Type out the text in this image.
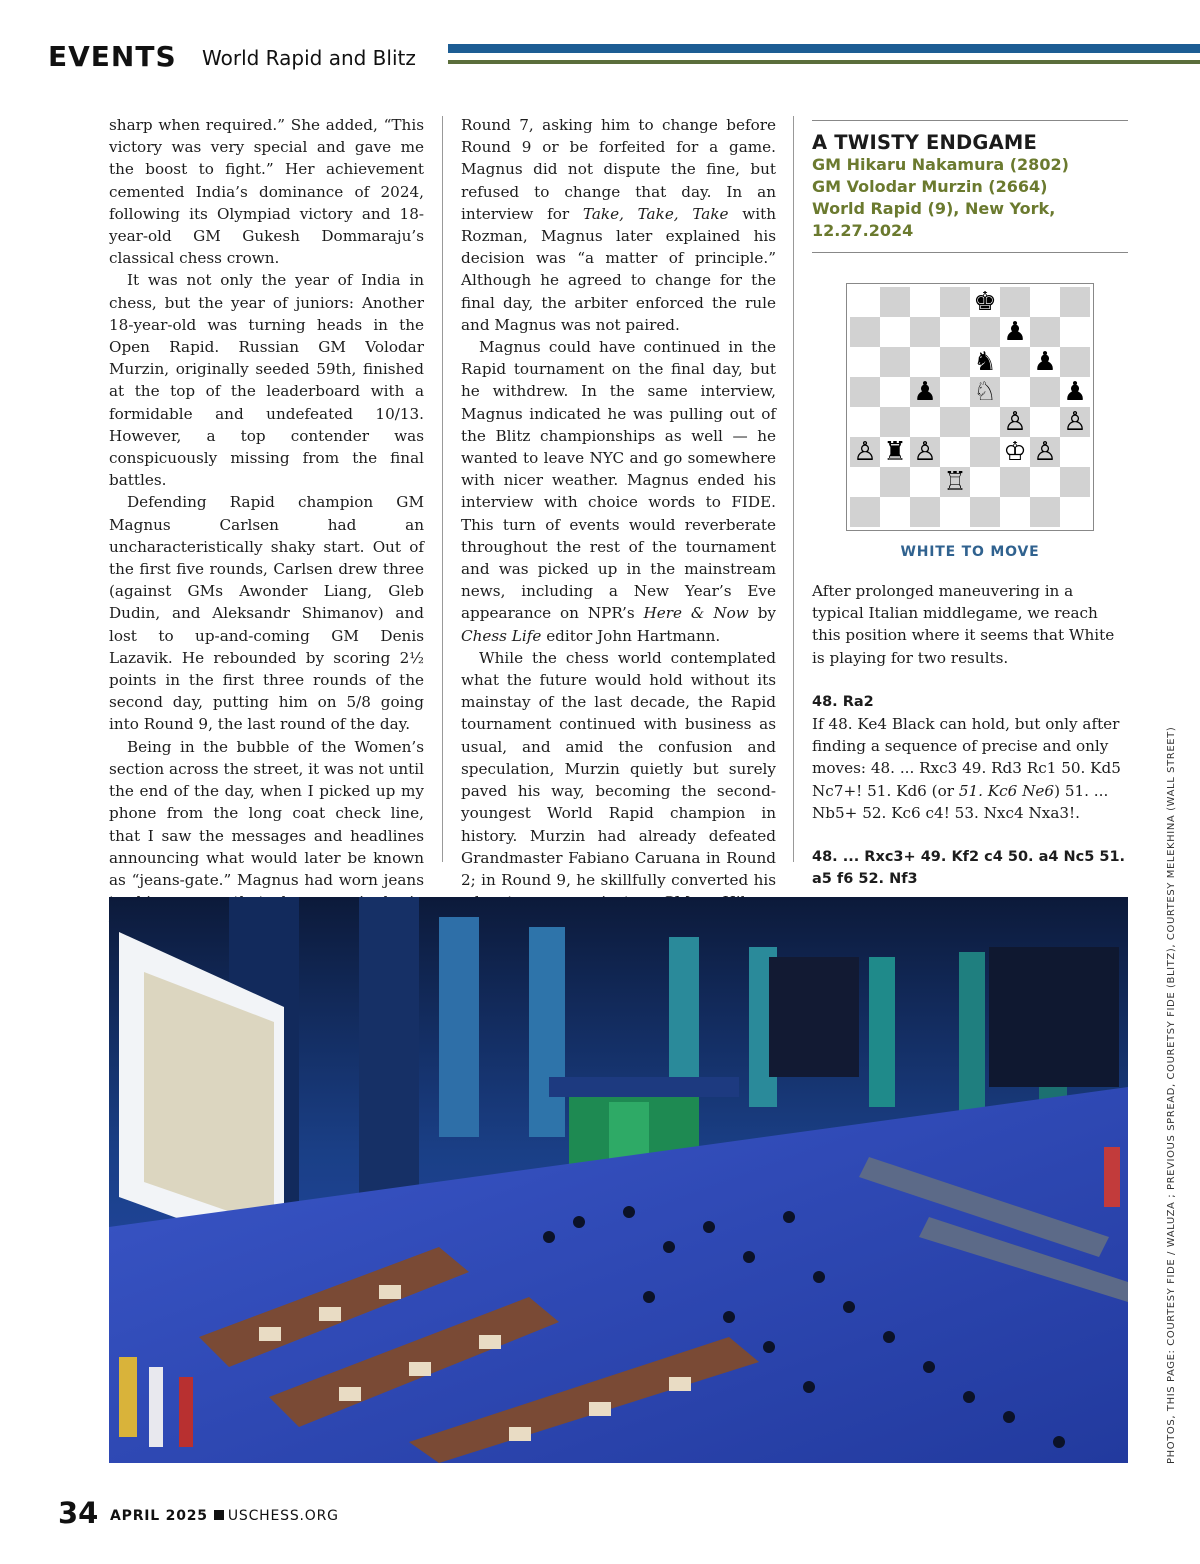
EVENTS World Rapid and Blitz

sharp when required.” She added, “This victory was very special and gave me the boost to fight.” Her achievement cemented India’s dominance of 2024, following its Olympiad victory and 18-year-old GM Gukesh Dommaraju’s classical chess crown.

It was not only the year of India in chess, but the year of juniors: Another 18-year-old was turning heads in the Open Rapid. Russian GM Volodar Murzin, originally seeded 59th, finished at the top of the leaderboard with a formidable and undefeated 10/13. However, a top contender was conspicuously missing from the final battles.

Defending Rapid champion GM Magnus Carlsen had an uncharacteristically shaky start. Out of the first five rounds, Carlsen drew three (against GMs Awonder Liang, Gleb Dudin, and Aleksandr Shimanov) and lost to up-and-coming GM Denis Lazavik. He rebounded by scoring 2½ points in the first three rounds of the second day, putting him on 5/8 going into Round 9, the last round of the day.

Being in the bubble of the Women’s section across the street, it was not until the end of the day, when I picked up my phone from the long coat check line, that I saw the messages and headlines announcing what would later be known as “jeans-gate.” Magnus had worn jeans

Round 7, asking him to change before Round 9 or be forfeited for a game. Magnus did not dispute the fine, but refused to change that day. In an interview for Take, Take, Take with Rozman, Magnus later explained his decision was “a matter of principle.” Although he agreed to change for the final day, the arbiter enforced the rule and Magnus was not paired.

Magnus could have continued in the Rapid tournament on the final day, but he withdrew. In the same interview, Magnus indicated he was pulling out of the Blitz championships as well — he wanted to leave NYC and go somewhere with nicer weather. Magnus ended his interview with choice words to FIDE. This turn of events would reverberate throughout the rest of the tournament and was picked up in the mainstream news, including a New Year’s Eve appearance on NPR’s Here & Now by Chess Life editor John Hartmann.

While the chess world contemplated what the future would hold without its mainstay of the last decade, the Rapid tournament continued with business as usual, and amid the confusion and speculation, Murzin quietly but surely paved his way, becoming the second-youngest World Rapid champion in history. Murzin had already defeated Grandmaster Fabiano Caruana in Round 2; in Round 9, he skillfully converted his

A TWISTY ENDGAME
GM Hikaru Nakamura (2802)
GM Volodar Murzin (2664)
World Rapid (9), New York, 12.27.2024
♚
♟
♞ ♟
♟ ♘	♟
♙ ♙
♙ ♜ ♙	♔ ♙
♖
WHITE TO MOVE

After prolonged maneuvering in a typical Italian middlegame, we reach this position where it seems that White is playing for two results.

48. Ra2

If 48. Ke4 Black can hold, but only after finding a sequence of precise and only moves: 48. ... Rxc3 49. Rd3 Rc1 50. Kd5 Nc7+! 51. Kd6 (or 51. Kc6 Ne6) 51. ... Nb5+ 52. Kc6 c4! 53. Nxc4 Nxa3!.

48. ... Rxc3+ 49. Kf2 c4 50. a4 Nc5 51. a5 f6 52. Nf3	PHOTOS, THIS PAGE: COURTESY FIDE / WALUZA ; PREVIOUS SPREAD, COURETSY FIDE (BLITZ), COURTESY MELEKHINA (WALL STREET)
34 APRIL 2025 USCHESS.ORG
